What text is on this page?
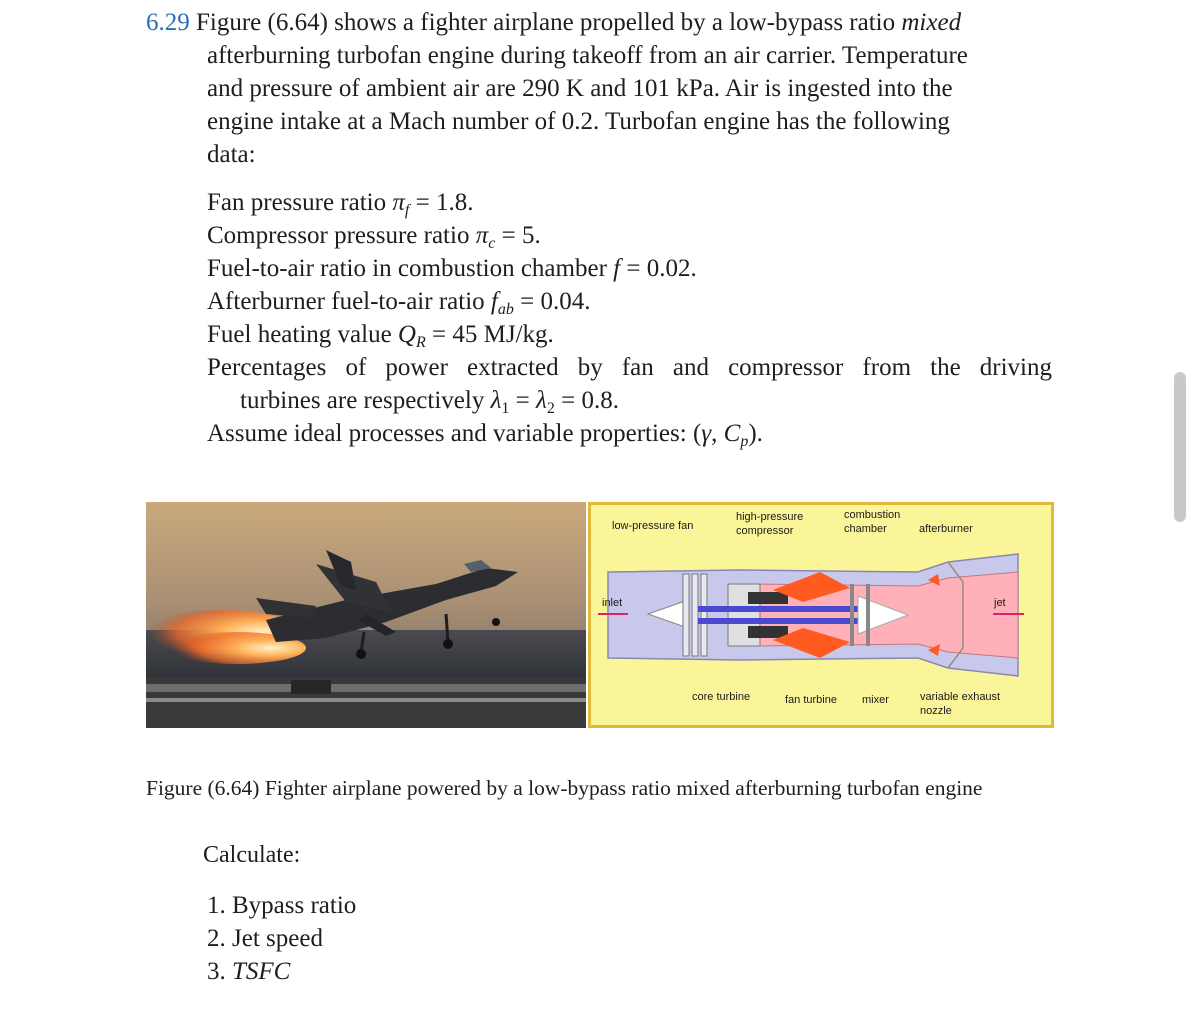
6.29 Figure (6.64) shows a fighter airplane propelled by a low-bypass ratio mixed
afterburning turbofan engine during takeoff from an air carrier. Temperature
and pressure of ambient air are 290 K and 101 kPa. Air is ingested into the
engine intake at a Mach number of 0.2. Turbofan engine has the following
data:

Fan pressure ratio $\pi_f = 1.8$.
Compressor pressure ratio $\pi_c = 5$.
Fuel-to-air ratio in combustion chamber f = 0.02.
Afterburner fuel-to-air ratio $f_{ab} = 0.04$.
Fuel heating value $Q_R = 45$ MJ/kg.
Percentages of power extracted by fan and compressor from the driving
turbines are respectively $\lambda_1 = \lambda_2 = 0.8$.
Assume ideal processes and variable properties: (γ, $C_p$).
low-pressure fan
high-pressure
compressor
combustion
chamber	afterburner
inlet	jet
core turbine	fan turbine mixer	variable exhaust
nozzle
Figure (6.64) Fighter airplane powered by a low-bypass ratio mixed afterburning turbofan engine
Calculate:
1. Bypass ratio
2. Jet speed
3. TSFC
